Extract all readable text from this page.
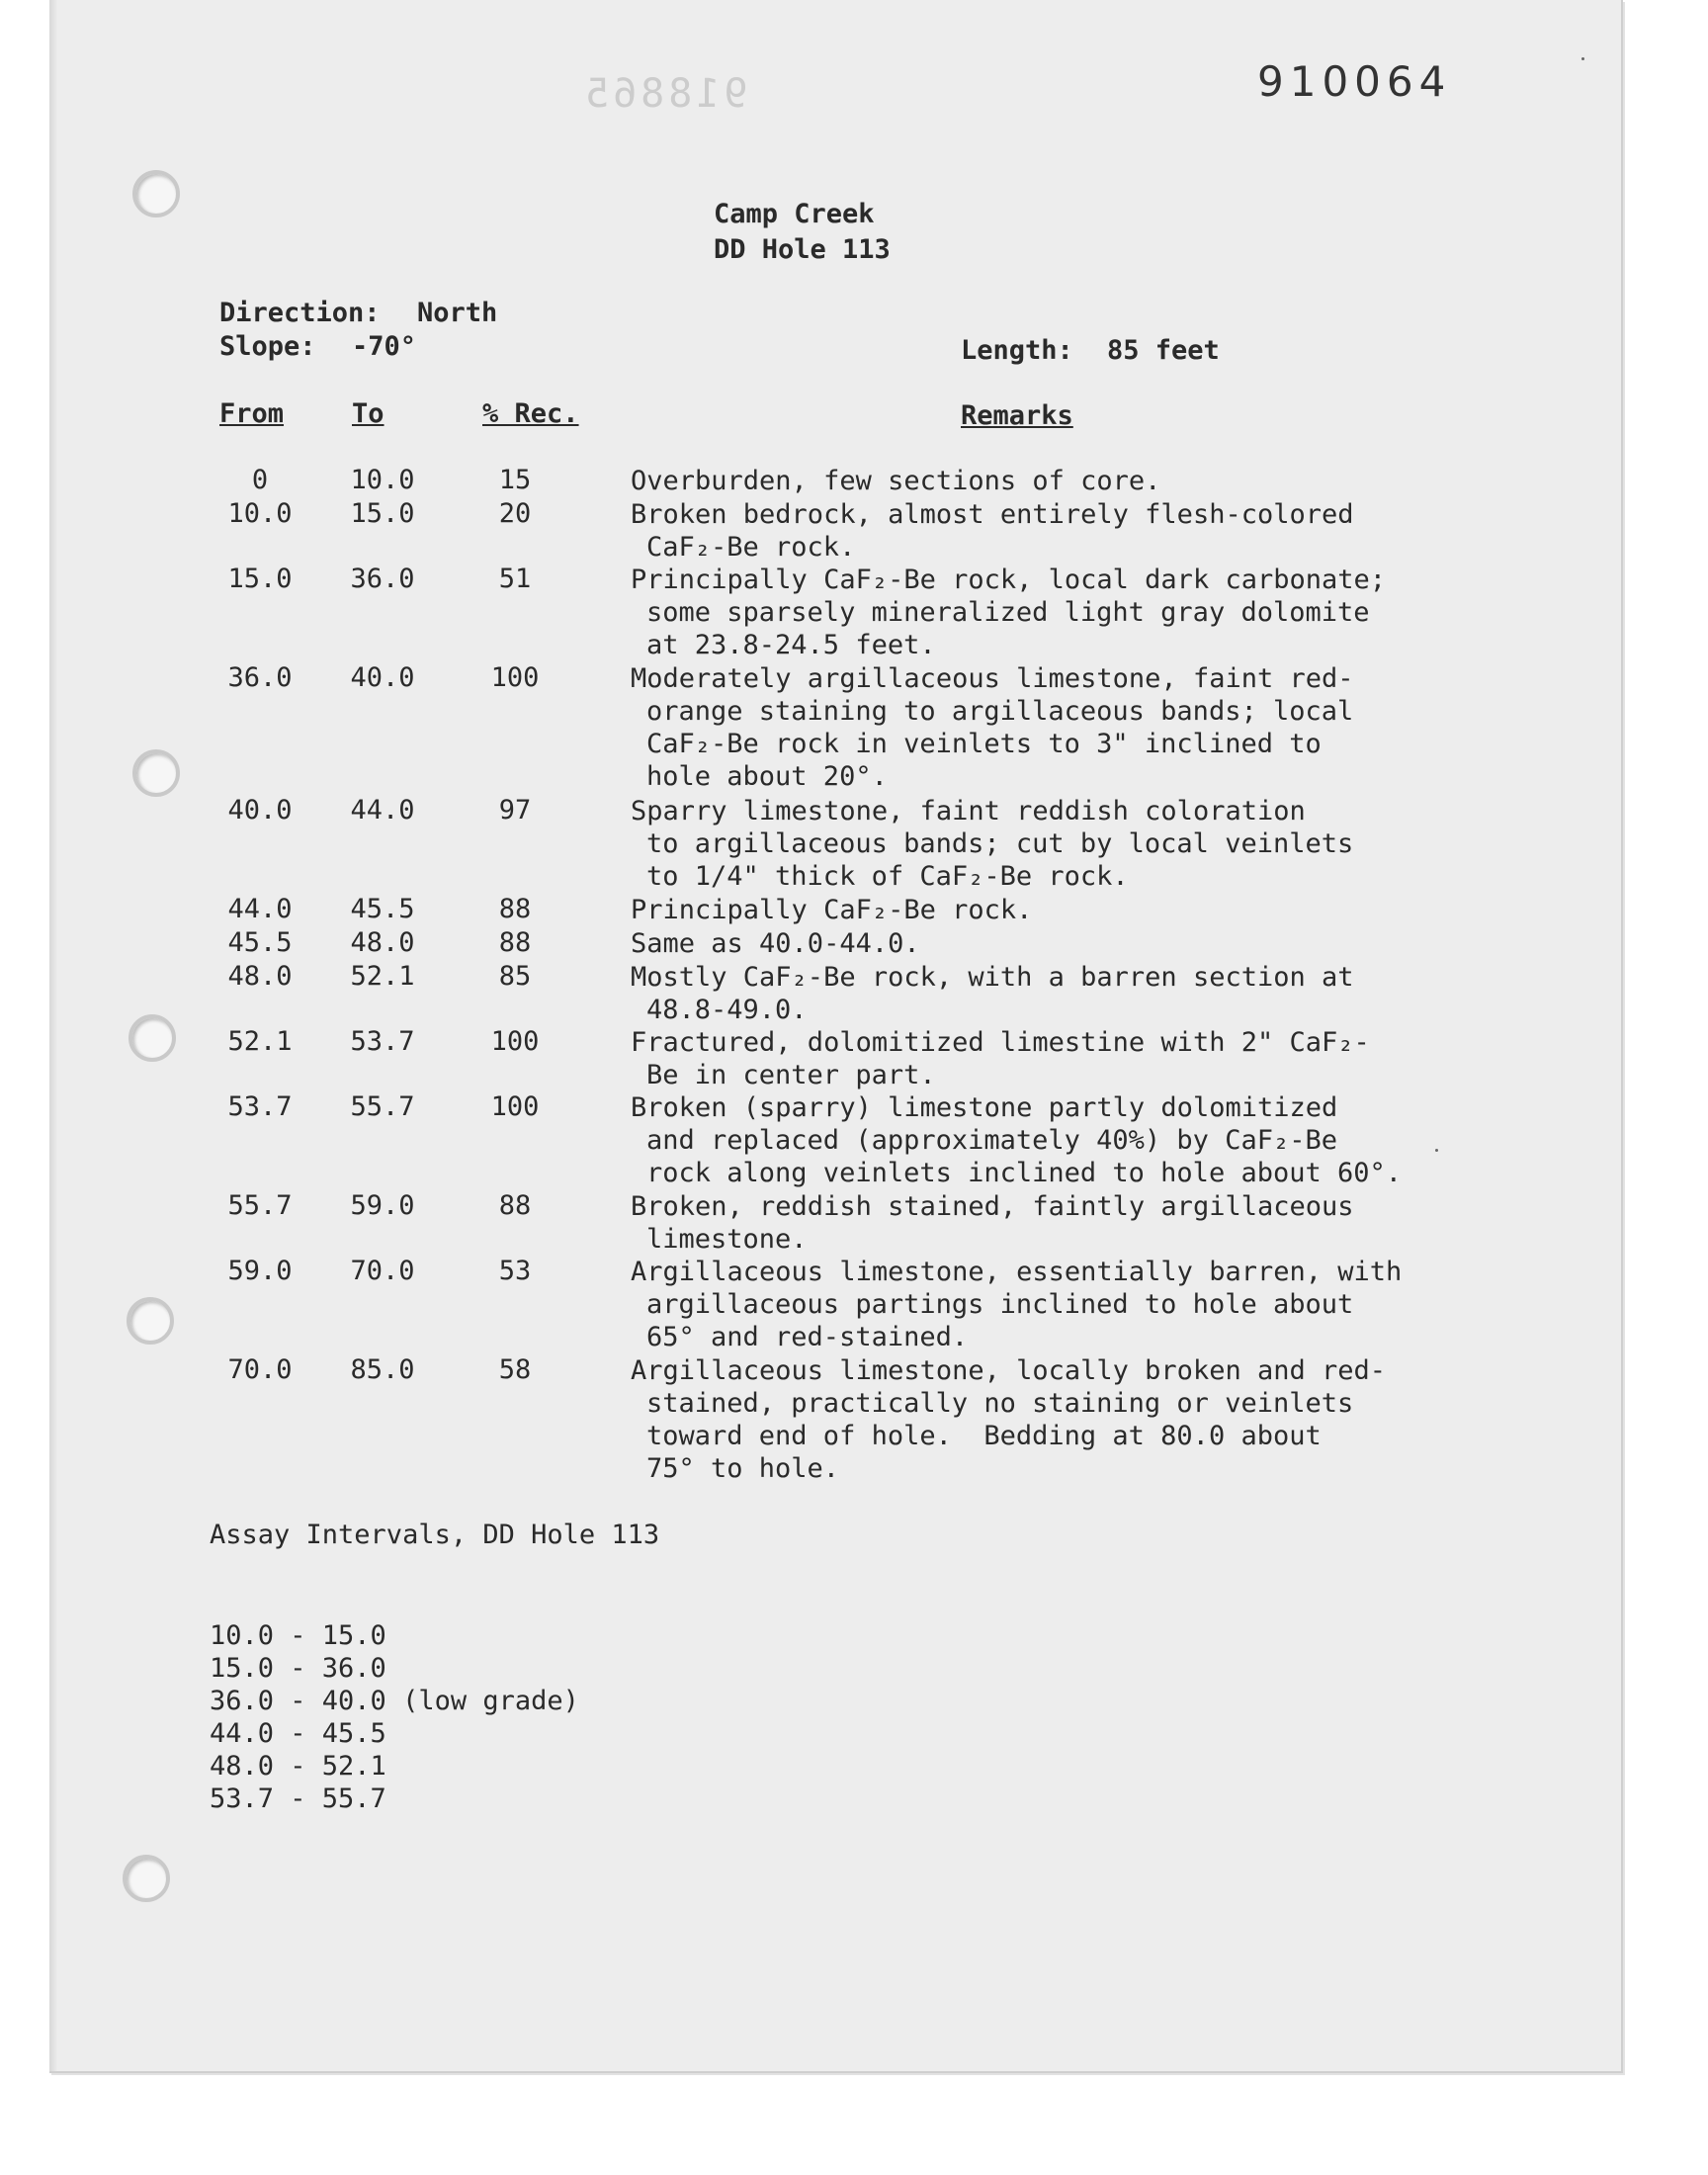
910064
918865
Camp Creek
DD Hole 113
Direction: North
Slope: -70°	Length: 85 feet
From	To	% Rec.	Remarks
0	10.0	15	Overburden, few sections of core.
10.0	15.0	20	Broken bedrock, almost entirely flesh-colored
CaF₂-Be rock.
15.0	36.0	51	Principally CaF₂-Be rock, local dark carbonate;
some sparsely mineralized light gray dolomite
at 23.8-24.5 feet.
36.0	40.0	100	Moderately argillaceous limestone, faint red-
orange staining to argillaceous bands; local
CaF₂-Be rock in veinlets to 3" inclined to
hole about 20°.
40.0	44.0	97	Sparry limestone, faint reddish coloration
to argillaceous bands; cut by local veinlets
to 1/4" thick of CaF₂-Be rock.
44.0	45.5	88	Principally CaF₂-Be rock.
45.5	48.0	88	Same as 40.0-44.0.
48.0	52.1	85	Mostly CaF₂-Be rock, with a barren section at
48.8-49.0.
52.1	53.7	100	Fractured, dolomitized limestine with 2" CaF₂-
Be in center part.
53.7	55.7	100	Broken (sparry) limestone partly dolomitized
and replaced (approximately 40%) by CaF₂-Be
rock along veinlets inclined to hole about 60°.
55.7	59.0	88	Broken, reddish stained, faintly argillaceous
limestone.
59.0	70.0	53	Argillaceous limestone, essentially barren, with
argillaceous partings inclined to hole about
65° and red-stained.
70.0	85.0	58	Argillaceous limestone, locally broken and red-
stained, practically no staining or veinlets
toward end of hole.  Bedding at 80.0 about
75° to hole.
Assay Intervals, DD Hole 113
10.0 - 15.0
15.0 - 36.0
36.0 - 40.0 (low grade)
44.0 - 45.5
48.0 - 52.1
53.7 - 55.7
